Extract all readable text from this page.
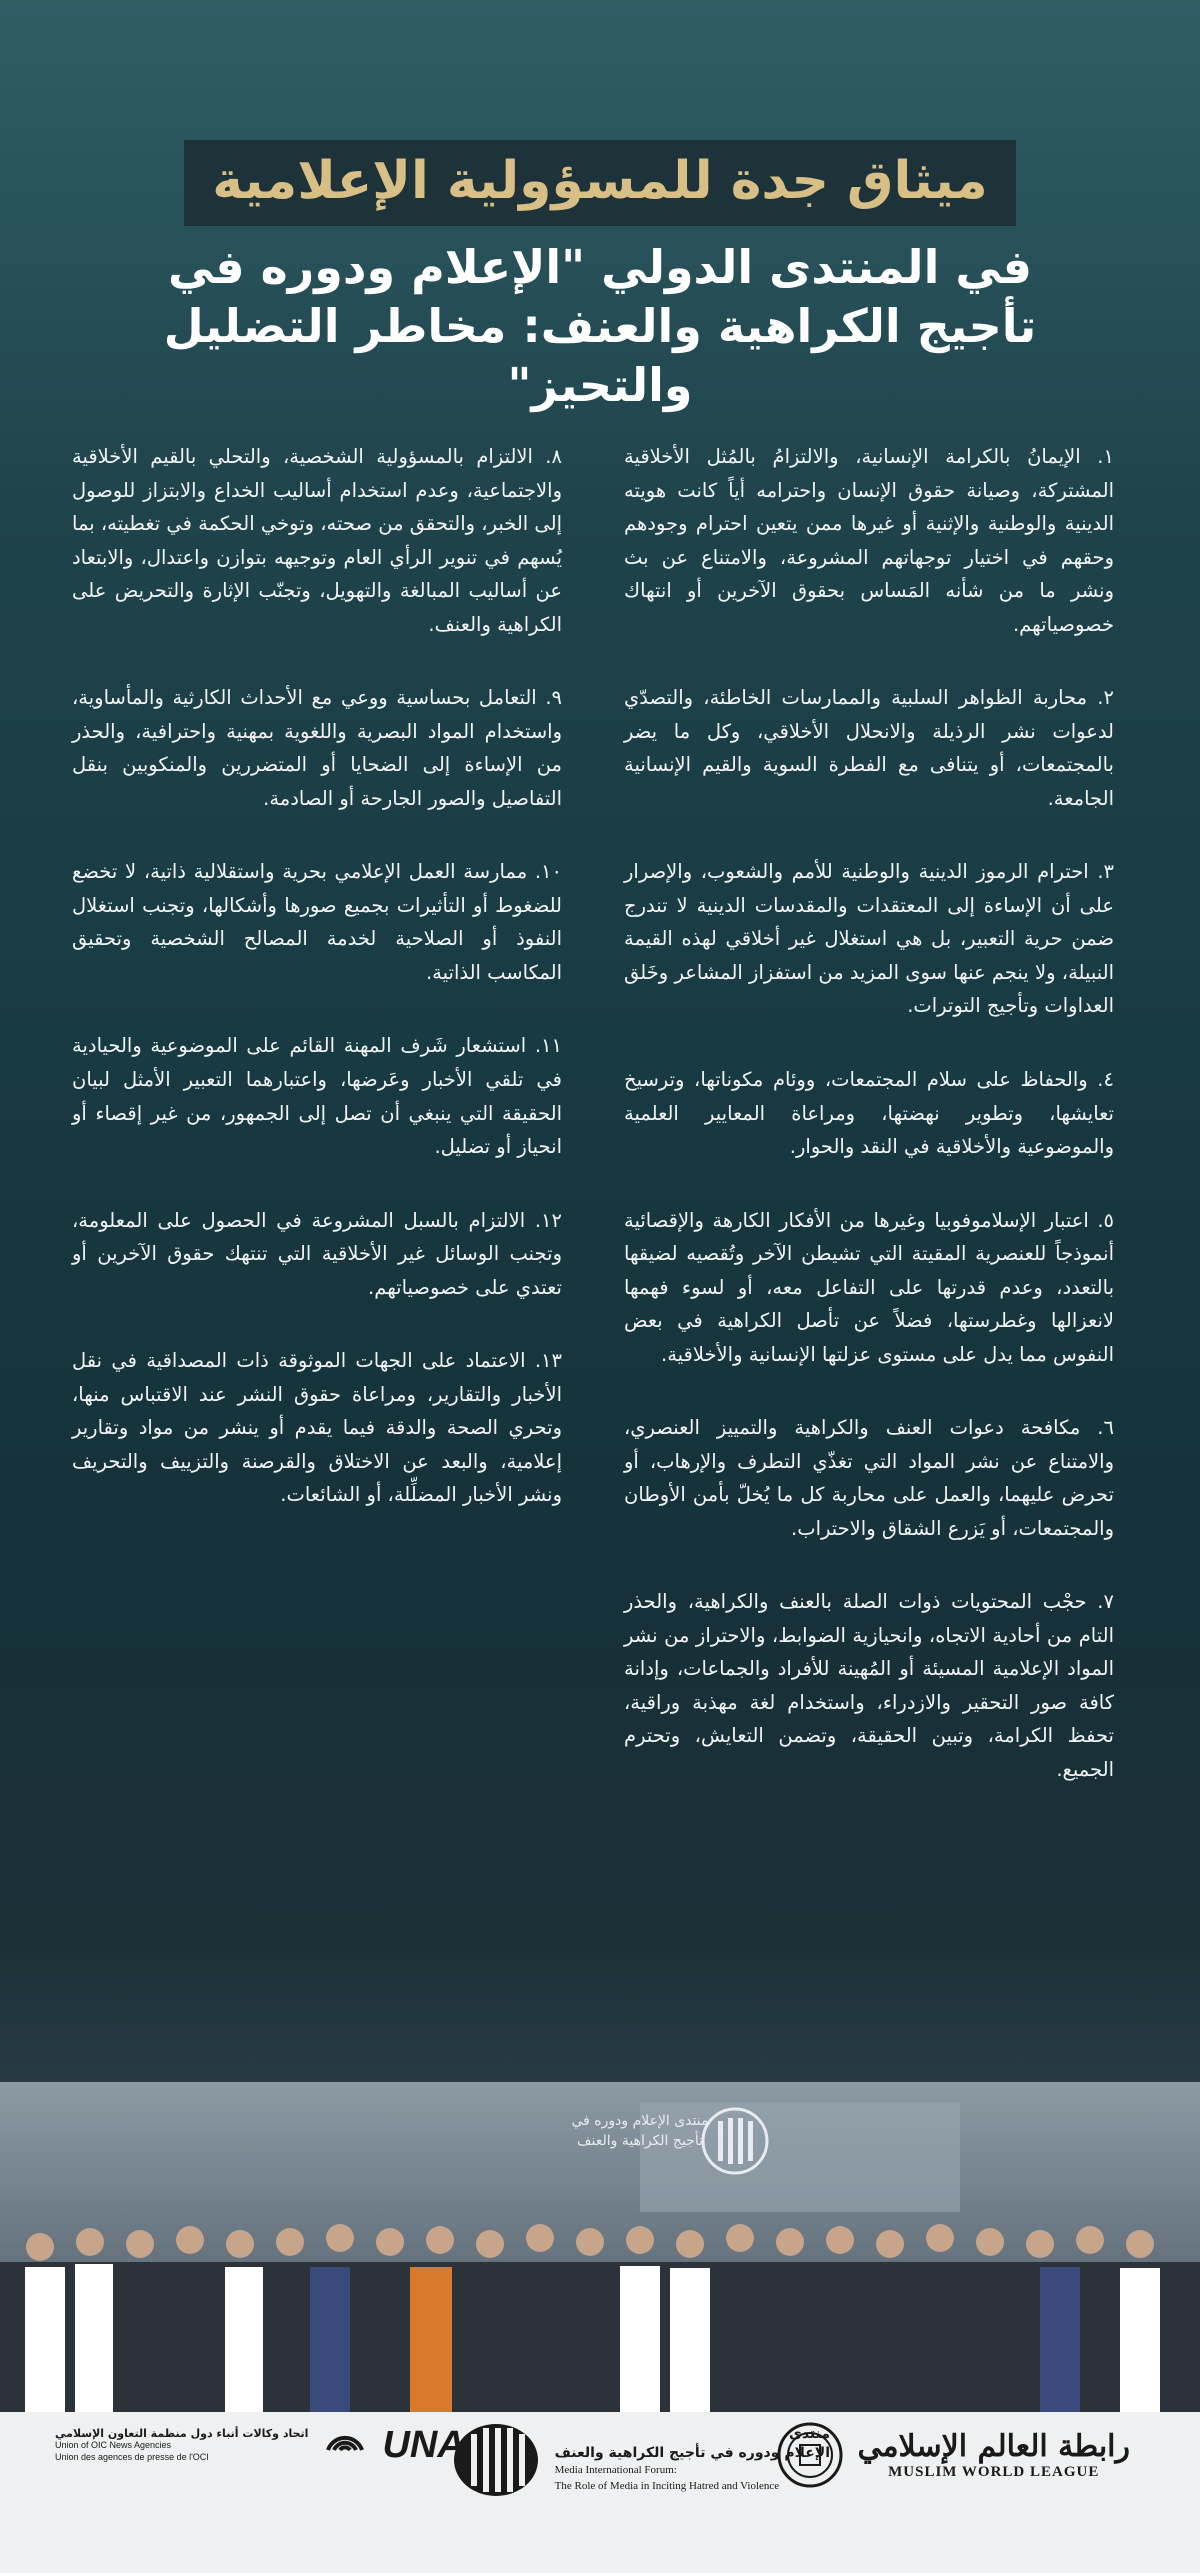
ميثاق جدة للمسؤولية الإعلامية
في المنتدى الدولي "الإعلام ودوره في تأجيج الكراهية والعنف: مخاطر التضليل والتحيز"

١. الإيمانُ بالكرامة الإنسانية، والالتزامُ بالمُثل الأخلاقية المشتركة، وصيانة حقوق الإنسان واحترامه أياً كانت هويته الدينية والوطنية والإثنية أو غيرها ممن يتعين احترام وجودهم وحقهم في اختيار توجهاتهم المشروعة، والامتناع عن بث ونشر ما من شأنه المَساس بحقوق الآخرين أو انتهاك خصوصياتهم.

٢. محاربة الظواهر السلبية والممارسات الخاطئة، والتصدّي لدعوات نشر الرذيلة والانحلال الأخلاقي، وكل ما يضر بالمجتمعات، أو يتنافى مع الفطرة السوية والقيم الإنسانية الجامعة.

٣. احترام الرموز الدينية والوطنية للأمم والشعوب، والإصرار على أن الإساءة إلى المعتقدات والمقدسات الدينية لا تندرج ضمن حرية التعبير، بل هي استغلال غير أخلاقي لهذه القيمة النبيلة، ولا ينجم عنها سوى المزيد من استفزاز المشاعر وخَلق العداوات وتأجيج التوترات.

٤. والحفاظ على سلام المجتمعات، ووئام مكوناتها، وترسيخ تعايشها، وتطوير نهضتها، ومراعاة المعايير العلمية والموضوعية والأخلاقية في النقد والحوار.

٥. اعتبار الإسلاموفوبيا وغيرها من الأفكار الكارهة والإقصائية أنموذجاً للعنصرية المقيتة التي تشيطن الآخر وتُقصيه لضيقها بالتعدد، وعدم قدرتها على التفاعل معه، أو لسوء فهمها لانعزالها وغطرستها، فضلاً عن تأصل الكراهية في بعض النفوس مما يدل على مستوى عزلتها الإنسانية والأخلاقية.

٦. مكافحة دعوات العنف والكراهية والتمييز العنصري، والامتناع عن نشر المواد التي تغذّي التطرف والإرهاب، أو تحرض عليهما، والعمل على محاربة كل ما يُخلّ بأمن الأوطان والمجتمعات، أو يَزرع الشقاق والاحتراب.

٧. حجْب المحتويات ذوات الصلة بالعنف والكراهية، والحذر التام من أحادية الاتجاه، وانحيازية الضوابط، والاحتراز من نشر المواد الإعلامية المسيئة أو المُهينة للأفراد والجماعات، وإدانة كافة صور التحقير والازدراء، واستخدام لغة مهذبة وراقية، تحفظ الكرامة، وتبين الحقيقة، وتضمن التعايش، وتحترم الجميع.

٨. الالتزام بالمسؤولية الشخصية، والتحلي بالقيم الأخلاقية والاجتماعية، وعدم استخدام أساليب الخداع والابتزاز للوصول إلى الخبر، والتحقق من صحته، وتوخي الحكمة في تغطيته، بما يُسهم في تنوير الرأي العام وتوجيهه بتوازن واعتدال، والابتعاد عن أساليب المبالغة والتهويل، وتجنّب الإثارة والتحريض على الكراهية والعنف.

٩. التعامل بحساسية ووعي مع الأحداث الكارثية والمأساوية، واستخدام المواد البصرية واللغوية بمهنية واحترافية، والحذر من الإساءة إلى الضحايا أو المتضررين والمنكوبين بنقل التفاصيل والصور الجارحة أو الصادمة.

١٠. ممارسة العمل الإعلامي بحرية واستقلالية ذاتية، لا تخضع للضغوط أو التأثيرات بجميع صورها وأشكالها، وتجنب استغلال النفوذ أو الصلاحية لخدمة المصالح الشخصية وتحقيق المكاسب الذاتية.

١١. استشعار شَرف المهنة القائم على الموضوعية والحيادية في تلقي الأخبار وعَرضها، واعتبارهما التعبير الأمثل لبيان الحقيقة التي ينبغي أن تصل إلى الجمهور، من غير إقصاء أو انحياز أو تضليل.

١٢. الالتزام بالسبل المشروعة في الحصول على المعلومة، وتجنب الوسائل غير الأخلاقية التي تنتهك حقوق الآخرين أو تعتدي على خصوصياتهم.

١٣. الاعتماد على الجهات الموثوقة ذات المصداقية في نقل الأخبار والتقارير، ومراعاة حقوق النشر عند الاقتباس منها، وتحري الصحة والدقة فيما يقدم أو ينشر من مواد وتقارير إعلامية، والبعد عن الاختلاق والقرصنة والتزييف والتحريف ونشر الأخبار المضلِّلة، أو الشائعات.

منتدى الإعلام ودوره في تأجيج الكراهية والعنف
رابطة العالم الإسلامي
MUSLIM WORLD LEAGUE
منتدى
الإعلام ودوره في تأجيج الكراهية والعنف
Media International Forum:
The Role of Media in Inciting Hatred and Violence
اتحاد وكالات أنباء دول منظمة التعاون الإسلامي
Union of OIC News Agencies
Union des agences de presse de l'OCI	UNA
